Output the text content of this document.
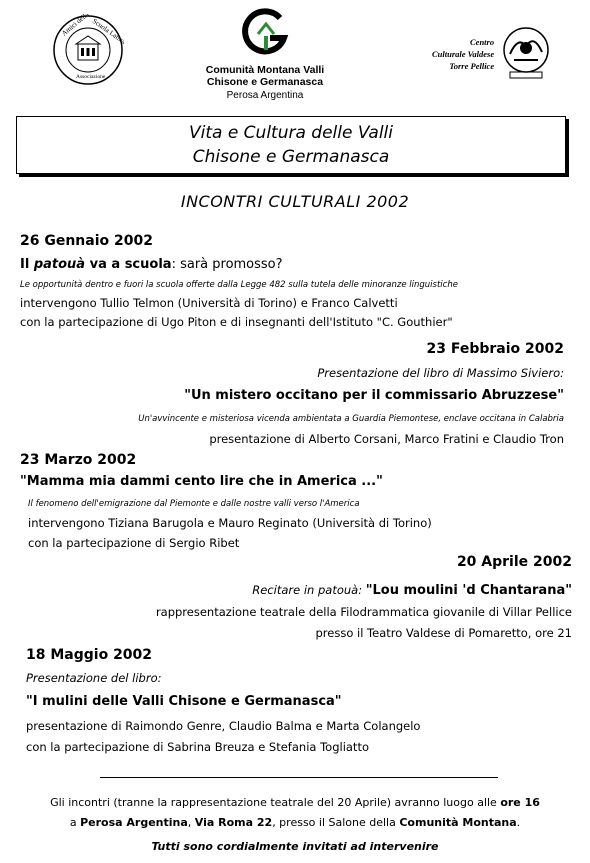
Amici della Scuola Latina
Associazione
Comunità Montana Valli
Chisone e Germanasca
Perosa Argentina
Centro
Culturale Valdese
Torre Pellice
Vita e Cultura delle Valli
Chisone e Germanasca
INCONTRI CULTURALI 2002
26 Gennaio 2002
Il patouà va a scuola: sarà promosso?
Le opportunità dentro e fuori la scuola offerte dalla Legge 482 sulla tutela delle minoranze linguistiche
intervengono Tullio Telmon (Università di Torino) e Franco Calvetti
con la partecipazione di Ugo Piton e di insegnanti dell'Istituto "C. Gouthier"
23 Febbraio 2002
Presentazione del libro di Massimo Siviero:
"Un mistero occitano per il commissario Abruzzese"
Un'avvincente e misteriosa vicenda ambientata a Guardia Piemontese, enclave occitana in Calabria
presentazione di Alberto Corsani, Marco Fratini e Claudio Tron
23 Marzo 2002
"Mamma mia dammi cento lire che in America ..."
Il fenomeno dell'emigrazione dal Piemonte e dalle nostre valli verso l'America
intervengono Tiziana Barugola e Mauro Reginato (Università di Torino)
con la partecipazione di Sergio Ribet
20 Aprile 2002
Recitare in patouà: "Lou moulini 'd Chantarana"
rappresentazione teatrale della Filodrammatica giovanile di Villar Pellice
presso il Teatro Valdese di Pomaretto, ore 21
18 Maggio 2002
Presentazione del libro:
"I mulini delle Valli Chisone e Germanasca"
presentazione di Raimondo Genre, Claudio Balma e Marta Colangelo
con la partecipazione di Sabrina Breuza e Stefania Togliatto
Gli incontri (tranne la rappresentazione teatrale del 20 Aprile) avranno luogo alle ore 16
a Perosa Argentina, Via Roma 22, presso il Salone della Comunità Montana.
Tutti sono cordialmente invitati ad intervenire
